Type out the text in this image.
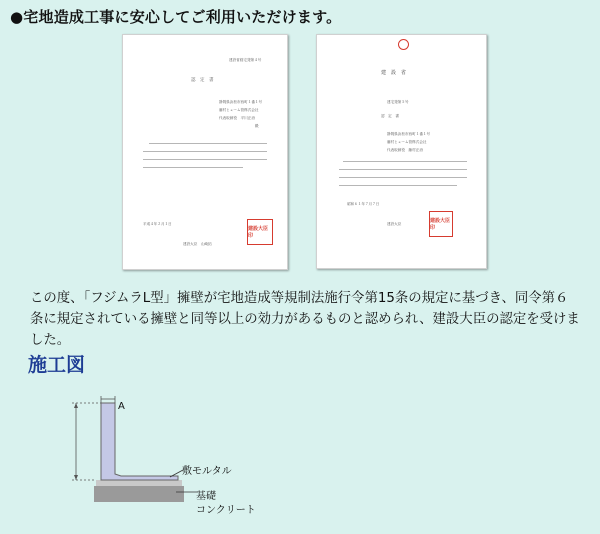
●宅地造成工事に安心してご利用いただけます。
建設省経宅発第４号
認　定　書
静岡県浜松市西町１番１号
藤村ヒューム管株式会社
代表取締役　平川正治
殿
平成４年２月１日
建設大臣　山崎拓
建設大臣印
建　設　省
建宅発第５号
認　定　書
静岡県浜松市西町１番１号
藤村ヒューム管株式会社
代表取締役　藤村正治
昭和６１年７月７日
建設大臣	建設大臣印

この度、「フジムラL型」擁壁が宅地造成等規制法施行令第15条の規定に基づき、同令第６条に規定されている擁壁と同等以上の効力があるものと認められ、建設大臣の認定を受けました。

施工図
A
敷モルタル
基礎
コンクリート
